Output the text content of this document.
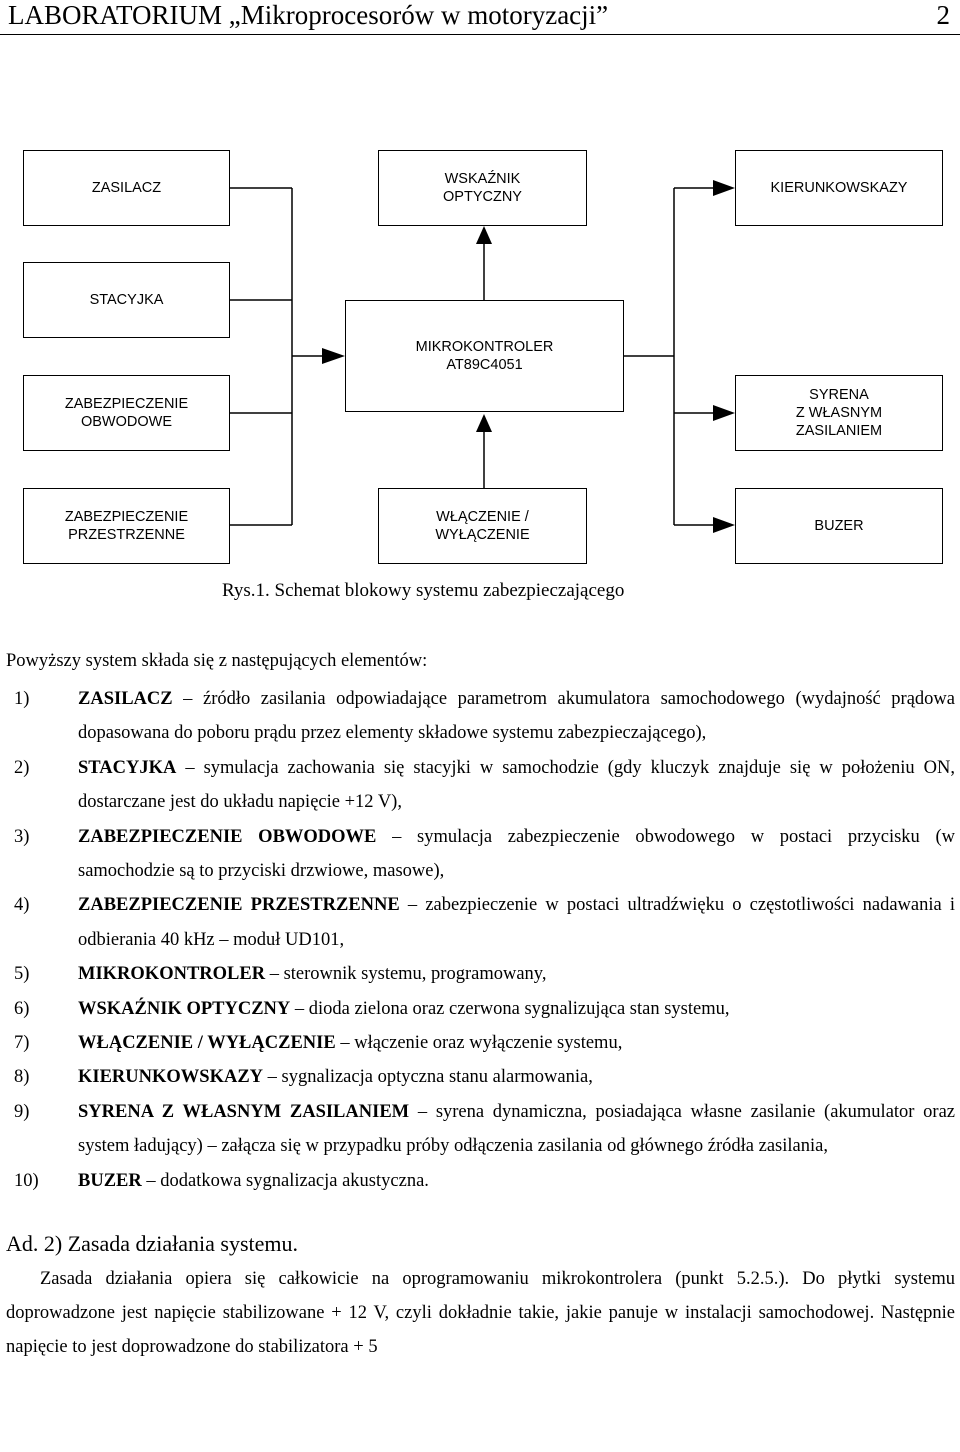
LABORATORIUM „Mikroprocesorów w motoryzacji”	2
ZASILACZ
WSKAŹNIK
OPTYCZNY
KIERUNKOWSKAZY
STACYJKA
MIKROKONTROLER
AT89C4051
ZABEZPIECZENIE
OBWODOWE
SYRENA
Z WŁASNYM
ZASILANIEM
ZABEZPIECZENIE
PRZESTRZENNE
WŁĄCZENIE /
WYŁĄCZENIE
BUZER
Rys.1. Schemat blokowy systemu zabezpieczającego
Powyższy system składa się z następujących elementów:
1)	ZASILACZ – źródło zasilania odpowiadające parametrom akumulatora samochodowego (wydajność prądowa dopasowana do poboru prądu przez elementy składowe systemu zabezpieczającego),
2)	STACYJKA – symulacja zachowania się stacyjki w samochodzie (gdy kluczyk znajduje się w położeniu ON, dostarczane jest do układu napięcie +12 V),
3)	ZABEZPIECZENIE OBWODOWE – symulacja zabezpieczenie obwodowego w postaci przycisku (w samochodzie są to przyciski drzwiowe, masowe),
4)	ZABEZPIECZENIE PRZESTRZENNE – zabezpieczenie w postaci ultradźwięku o częstotliwości nadawania i odbierania 40 kHz – moduł UD101,
5)	MIKROKONTROLER – sterownik systemu, programowany,
6)	WSKAŹNIK OPTYCZNY – dioda zielona oraz czerwona sygnalizująca stan systemu,
7)	WŁĄCZENIE / WYŁĄCZENIE – włączenie oraz wyłączenie systemu,
8)	KIERUNKOWSKAZY – sygnalizacja optyczna stanu alarmowania,
9)	SYRENA Z WŁASNYM ZASILANIEM – syrena dynamiczna, posiadająca własne zasilanie (akumulator oraz system ładujący) – załącza się w przypadku próby odłączenia zasilania od głównego źródła zasilania,
10) BUZER – dodatkowa sygnalizacja akustyczna.
Ad. 2) Zasada działania systemu.
Zasada działania opiera się całkowicie na oprogramowaniu mikrokontrolera (punkt 5.2.5.). Do płytki systemu doprowadzone jest napięcie stabilizowane + 12 V, czyli dokładnie takie, jakie panuje w instalacji samochodowej. Następnie napięcie to jest doprowadzone do stabilizatora + 5
